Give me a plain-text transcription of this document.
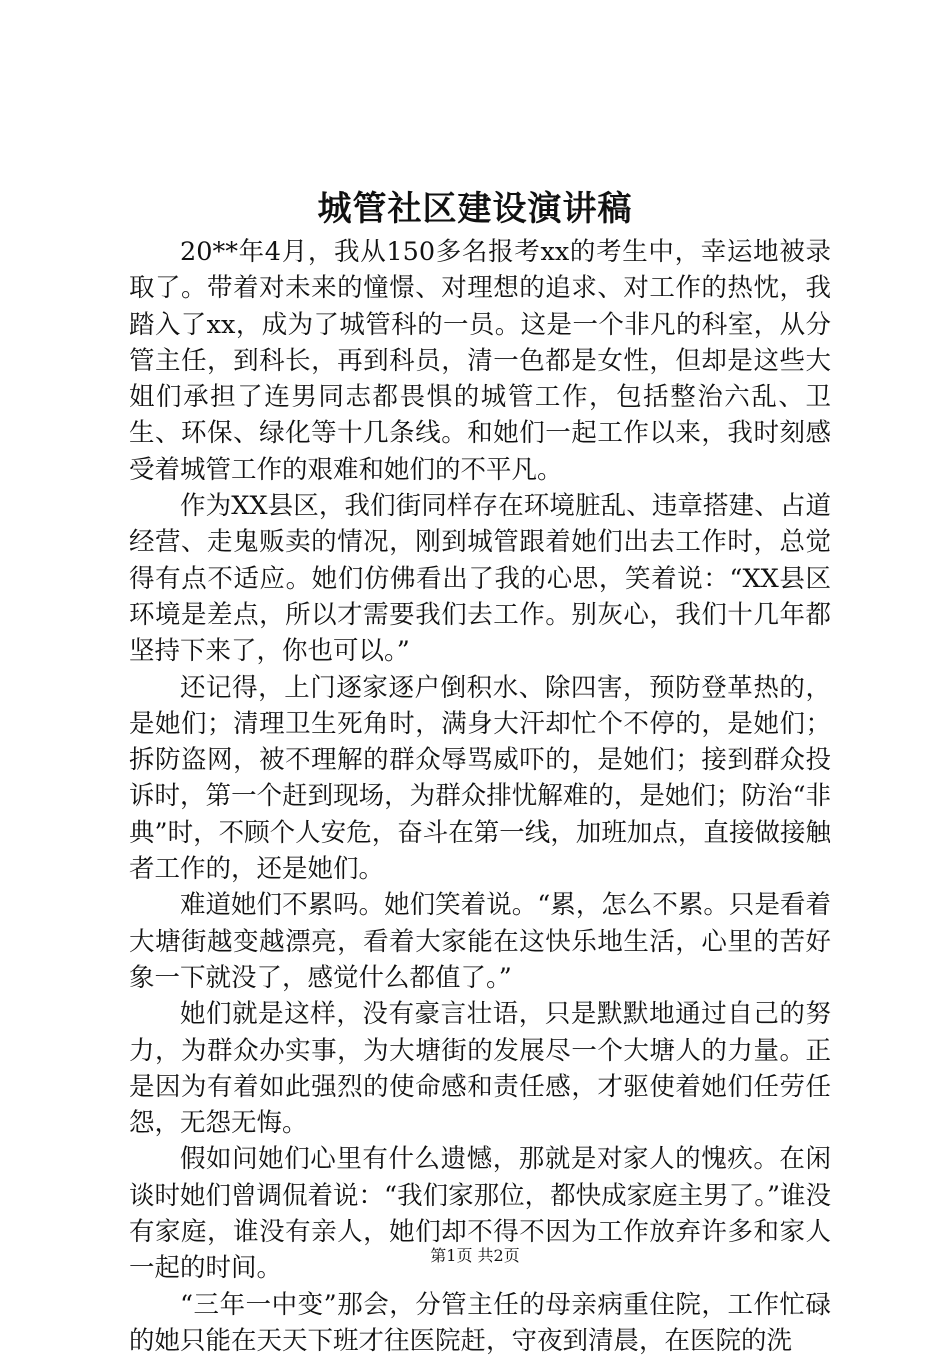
城管社区建设演讲稿

20**年4月，我从150多名报考xx的考生中，幸运地被录取了。带着对未来的憧憬、对理想的追求、对工作的热忱，我踏入了xx，成为了城管科的一员。这是一个非凡的科室，从分管主任，到科长，再到科员，清一色都是女性，但却是这些大姐们承担了连男同志都畏惧的城管工作，包括整治六乱、卫生、环保、绿化等十几条线。和她们一起工作以来，我时刻感受着城管工作的艰难和她们的不平凡。

作为XX县区，我们街同样存在环境脏乱、违章搭建、占道经营、走鬼贩卖的情况，刚到城管跟着她们出去工作时，总觉得有点不适应。她们仿佛看出了我的心思，笑着说：“XX县区环境是差点，所以才需要我们去工作。别灰心，我们十几年都坚持下来了，你也可以。”

还记得，上门逐家逐户倒积水、除四害，预防登革热的，是她们；清理卫生死角时，满身大汗却忙个不停的，是她们；拆防盗网，被不理解的群众辱骂威吓的，是她们；接到群众投诉时，第一个赶到现场，为群众排忧解难的，是她们；防治“非典”时，不顾个人安危，奋斗在第一线，加班加点，直接做接触者工作的，还是她们。

难道她们不累吗。她们笑着说。“累，怎么不累。只是看着大塘街越变越漂亮，看着大家能在这快乐地生活，心里的苦好象一下就没了，感觉什么都值了。”

她们就是这样，没有豪言壮语，只是默默地通过自己的努力，为群众办实事，为大塘街的发展尽一个大塘人的力量。正是因为有着如此强烈的使命感和责任感，才驱使着她们任劳任怨，无怨无悔。

假如问她们心里有什么遗憾，那就是对家人的愧疚。在闲谈时她们曾调侃着说：“我们家那位，都快成家庭主男了。”谁没有家庭，谁没有亲人，她们却不得不因为工作放弃许多和家人一起的时间。

“三年一中变”那会，分管主任的母亲病重住院，工作忙碌的她只能在天天下班才往医院赶，守夜到清晨，在医院的洗

第1页 共2页
